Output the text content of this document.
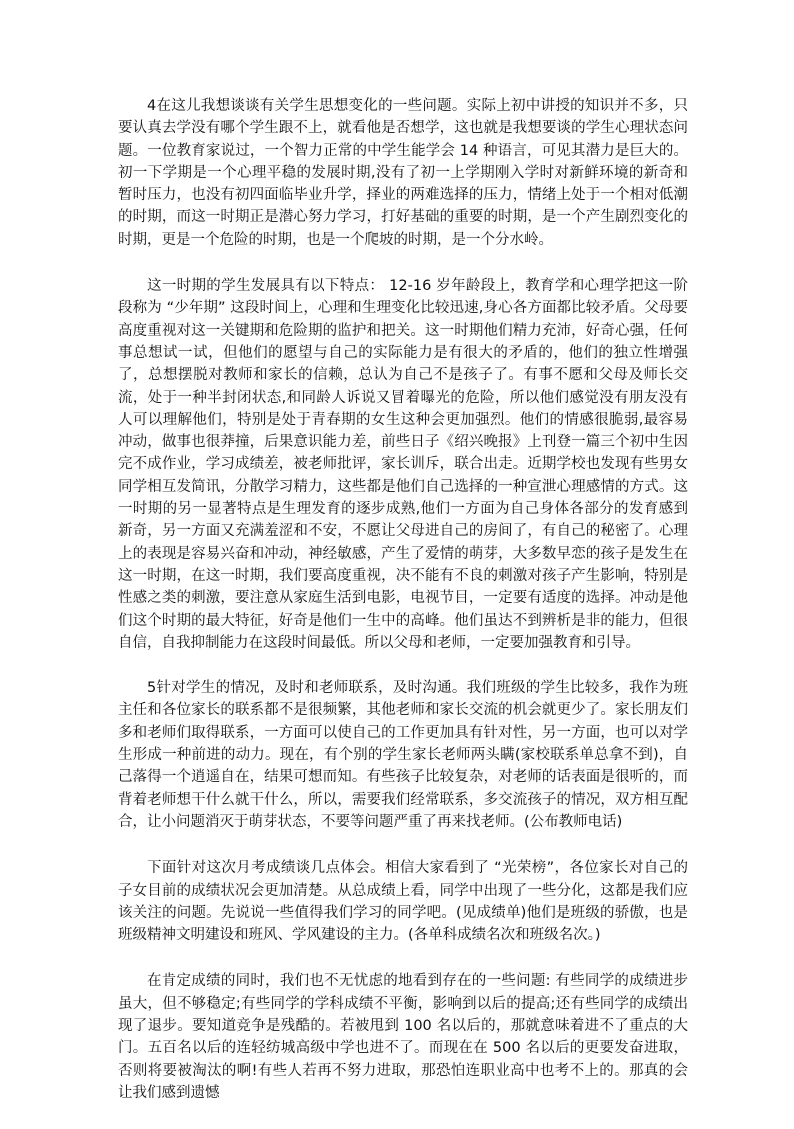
4在这儿我想谈谈有关学生思想变化的一些问题。实际上初中讲授的知识并不多，只要认真去学没有哪个学生跟不上，就看他是否想学，这也就是我想要谈的学生心理状态问题。一位教育家说过，一个智力正常的中学生能学会 14 种语言，可见其潜力是巨大的。初一下学期是一个心理平稳的发展时期,没有了初一上学期刚入学时对新鲜环境的新奇和暂时压力，也没有初四面临毕业升学，择业的两难选择的压力，情绪上处于一个相对低潮的时期，而这一时期正是潜心努力学习，打好基础的重要的时期，是一个产生剧烈变化的时期，更是一个危险的时期，也是一个爬坡的时期，是一个分水岭。

这一时期的学生发展具有以下特点： 12-16 岁年龄段上，教育学和心理学把这一阶段称为 “少年期” 这段时间上，心理和生理变化比较迅速,身心各方面都比较矛盾。父母要高度重视对这一关键期和危险期的监护和把关。这一时期他们精力充沛，好奇心强，任何事总想试一试，但他们的愿望与自己的实际能力是有很大的矛盾的，他们的独立性增强了，总想摆脱对教师和家长的信赖，总认为自己不是孩子了。有事不愿和父母及师长交流，处于一种半封闭状态,和同龄人诉说又冒着曝光的危险，所以他们感觉没有朋友没有人可以理解他们，特别是处于青春期的女生这种会更加强烈。他们的情感很脆弱,最容易冲动，做事也很莽撞，后果意识能力差，前些日子《绍兴晚报》上刊登一篇三个初中生因完不成作业，学习成绩差，被老师批评，家长训斥，联合出走。近期学校也发现有些男女同学相互发简讯，分散学习精力，这些都是他们自己选择的一种宣泄心理感情的方式。这一时期的另一显著特点是生理发育的逐步成熟,他们一方面为自己身体各部分的发育感到新奇，另一方面又充满羞涩和不安，不愿让父母进自己的房间了，有自己的秘密了。心理上的表现是容易兴奋和冲动，神经敏感，产生了爱情的萌芽，大多数早恋的孩子是发生在这一时期，在这一时期，我们要高度重视，决不能有不良的刺激对孩子产生影响，特别是性感之类的刺激，要注意从家庭生活到电影，电视节目，一定要有适度的选择。冲动是他们这个时期的最大特征，好奇是他们一生中的高峰。他们虽达不到辨析是非的能力，但很自信，自我抑制能力在这段时间最低。所以父母和老师，一定要加强教育和引导。

5针对学生的情况，及时和老师联系，及时沟通。我们班级的学生比较多，我作为班主任和各位家长的联系都不是很频繁，其他老师和家长交流的机会就更少了。家长朋友们多和老师们取得联系，一方面可以使自己的工作更加具有针对性，另一方面，也可以对学生形成一种前进的动力。现在，有个别的学生家长老师两头瞒(家校联系单总拿不到)，自己落得一个逍遥自在，结果可想而知。有些孩子比较复杂，对老师的话表面是很听的，而背着老师想干什么就干什么，所以，需要我们经常联系，多交流孩子的情况，双方相互配合，让小问题消灭于萌芽状态，不要等问题严重了再来找老师。(公布教师电话)

下面针对这次月考成绩谈几点体会。相信大家看到了 “光荣榜”，各位家长对自己的子女目前的成绩状况会更加清楚。从总成绩上看，同学中出现了一些分化，这都是我们应该关注的问题。先说说一些值得我们学习的同学吧。(见成绩单)他们是班级的骄傲，也是班级精神文明建设和班风、学风建设的主力。(各单科成绩名次和班级名次。)

在肯定成绩的同时，我们也不无忧虑的地看到存在的一些问题: 有些同学的成绩进步虽大，但不够稳定;有些同学的学科成绩不平衡，影响到以后的提高;还有些同学的成绩出现了退步。要知道竞争是残酷的。若被甩到 100 名以后的，那就意味着进不了重点的大门。五百名以后的连轻纺城高级中学也进不了。而现在在 500 名以后的更要发奋进取，否则将要被淘汰的啊!有些人若再不努力进取，那恐怕连职业高中也考不上的。那真的会让我们感到遗憾
